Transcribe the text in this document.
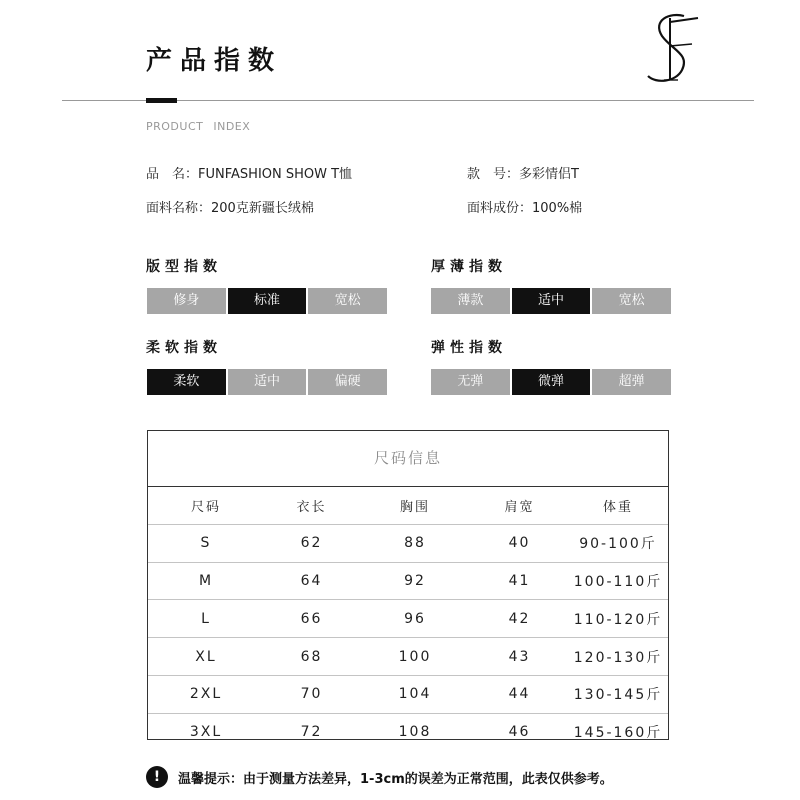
产品指数
PRODUCT INDEX
品　名：FUNFASHION SHOW T恤	款　号：多彩情侣T
面料名称：200克新疆长绒棉	面料成份：100%棉
版型指数
修身	标准	宽松
厚薄指数
薄款	适中	宽松
柔软指数
柔软	适中	偏硬
弹性指数
无弹	微弹	超弹
尺码信息
尺码	衣长	胸围	肩宽	体重
S	62	88	40	90-100斤
M	64	92	41	100-110斤
L	66	96	42	110-120斤
XL	68	100	43	120-130斤
2XL	70	104	44	130-145斤
3XL	72	108	46	145-160斤
!	温馨提示：由于测量方法差异，1-3cm的误差为正常范围，此表仅供参考。
